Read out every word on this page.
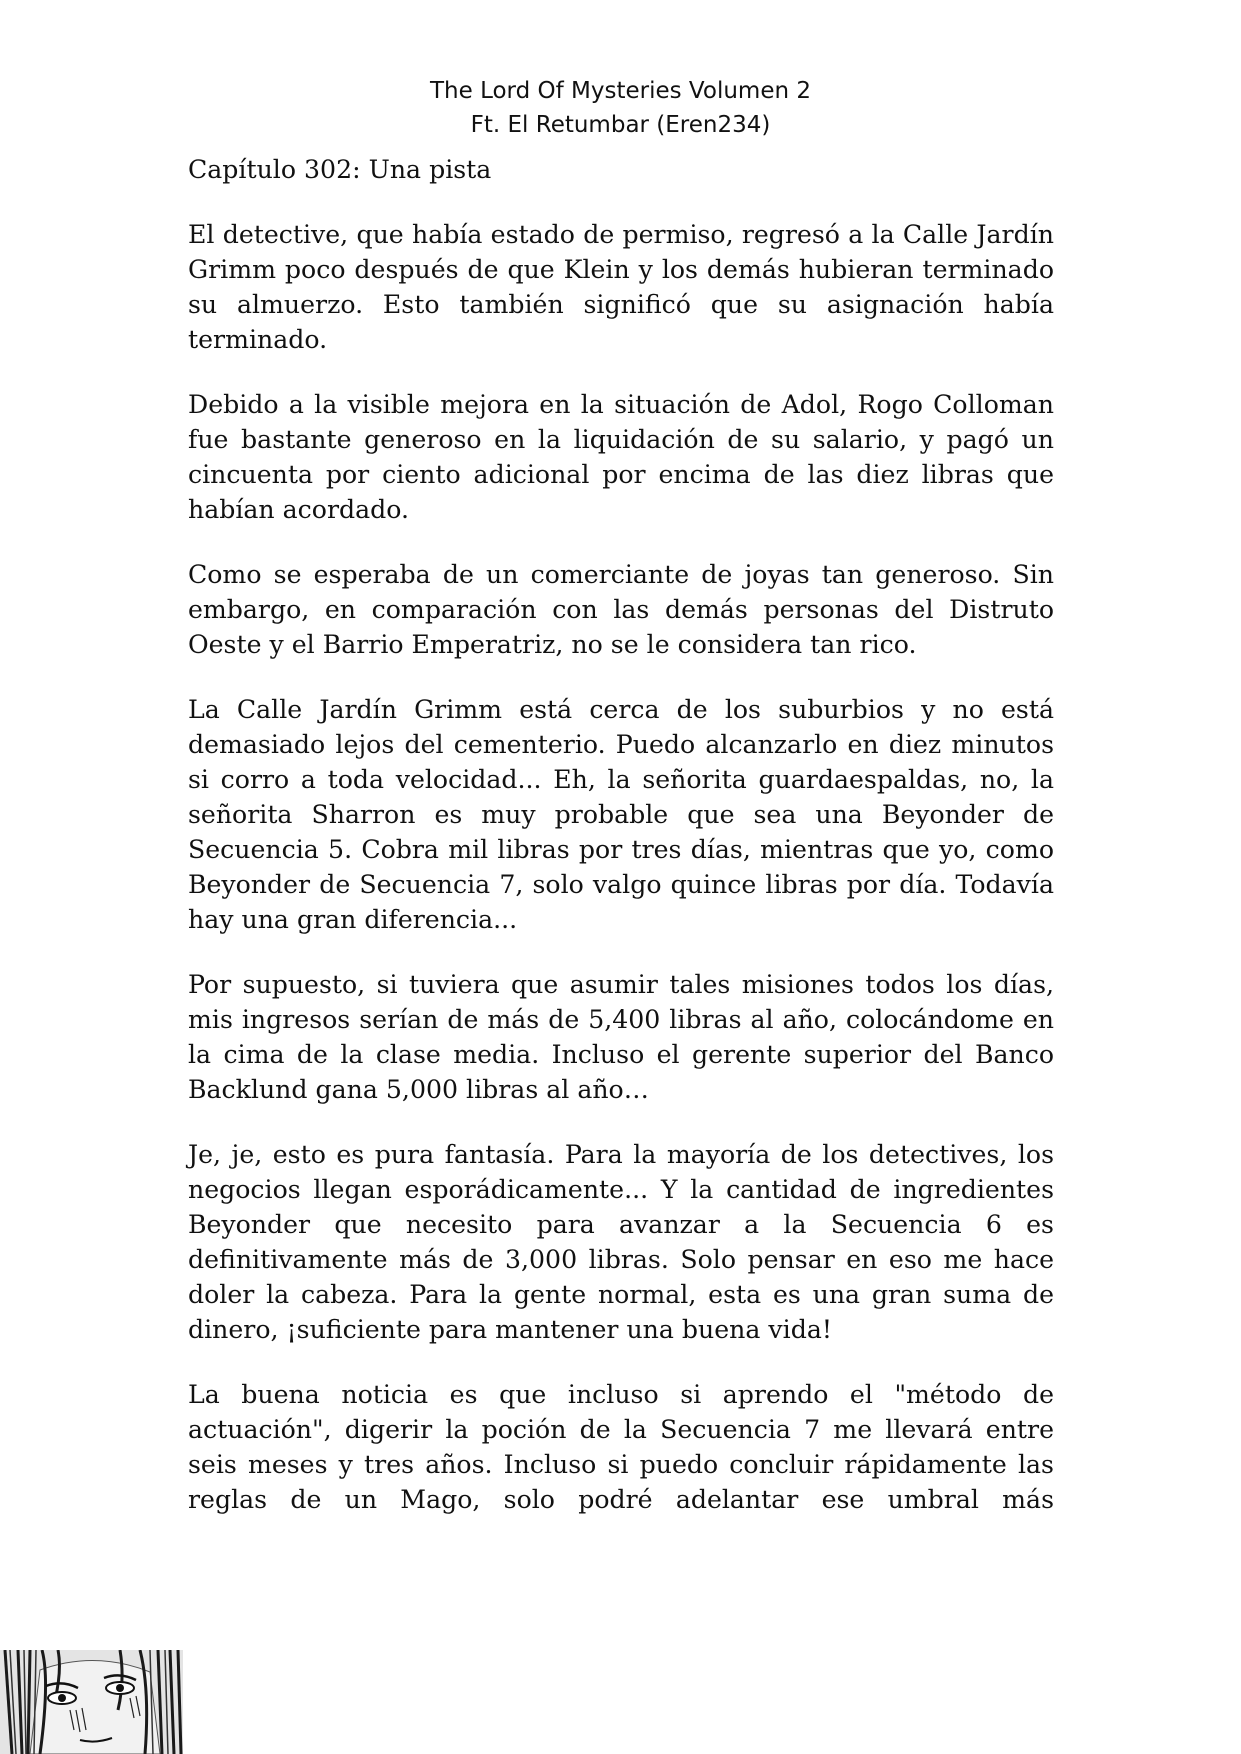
The Lord Of Mysteries Volumen 2
Ft. El Retumbar (Eren234)
Capítulo 302: Una pista

El detective, que había estado de permiso, regresó a la Calle Jardín Grimm poco después de que Klein y los demás hubieran terminado su almuerzo. Esto también significó que su asignación había terminado.

Debido a la visible mejora en la situación de Adol, Rogo Colloman fue bastante generoso en la liquidación de su salario, y pagó un cincuenta por ciento adicional por encima de las diez libras que habían acordado.

Como se esperaba de un comerciante de joyas tan generoso. Sin embargo, en comparación con las demás personas del Distruto Oeste y el Barrio Emperatriz, no se le considera tan rico.

La Calle Jardín Grimm está cerca de los suburbios y no está demasiado lejos del cementerio. Puedo alcanzarlo en diez minutos si corro a toda velocidad... Eh, la señorita guardaespaldas, no, la señorita Sharron es muy probable que sea una Beyonder de Secuencia 5. Cobra mil libras por tres días, mientras que yo, como Beyonder de Secuencia 7, solo valgo quince libras por día. Todavía hay una gran diferencia...

Por supuesto, si tuviera que asumir tales misiones todos los días, mis ingresos serían de más de 5,400 libras al año, colocándome en la cima de la clase media. Incluso el gerente superior del Banco Backlund gana 5,000 libras al año…

Je, je, esto es pura fantasía. Para la mayoría de los detectives, los negocios llegan esporádicamente... Y la cantidad de ingredientes Beyonder que necesito para avanzar a la Secuencia 6 es definitivamente más de 3,000 libras. Solo pensar en eso me hace doler la cabeza. Para la gente normal, esta es una gran suma de dinero, ¡suficiente para mantener una buena vida!

La buena noticia es que incluso si aprendo el "método de actuación", digerir la poción de la Secuencia 7 me llevará entre seis meses y tres años. Incluso si puedo concluir rápidamente las reglas de un Mago, solo podré adelantar ese umbral más
